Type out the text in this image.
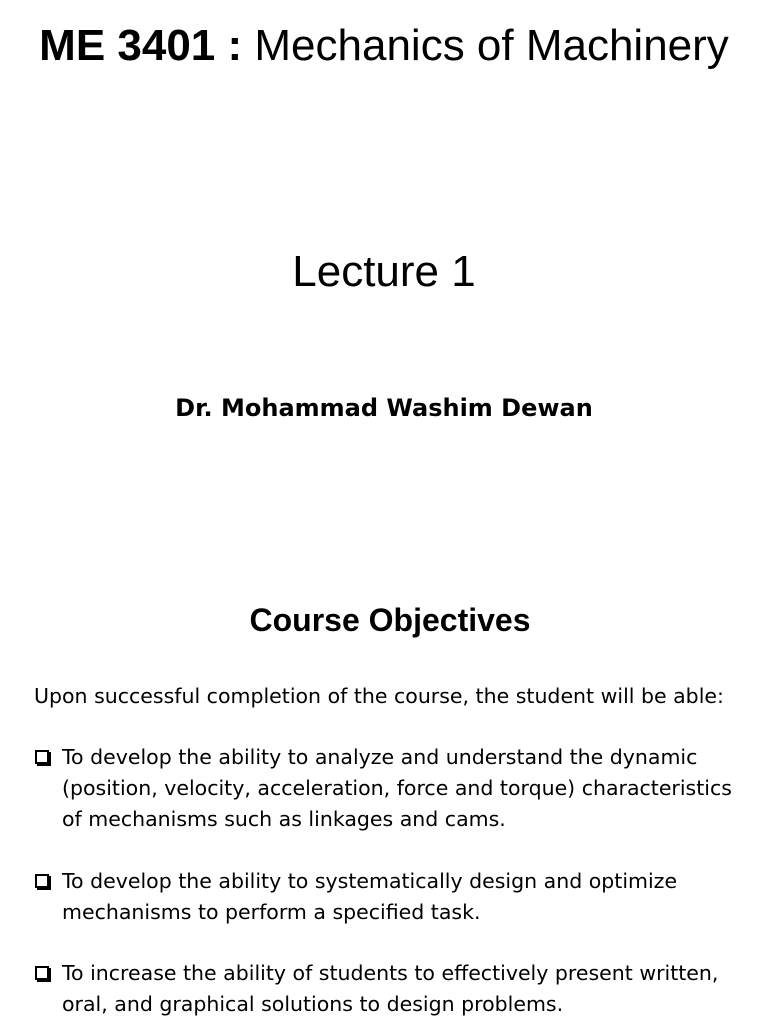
ME 3401 : Mechanics of Machinery
Lecture 1
Dr. Mohammad Washim Dewan
Course Objectives
Upon successful completion of the course, the student will be able:
To develop the ability to analyze and understand the dynamic (position, velocity, acceleration, force and torque) characteristics of mechanisms such as linkages and cams.
To develop the ability to systematically design and optimize mechanisms to perform a specified task.
To increase the ability of students to effectively present written, oral, and graphical solutions to design problems.
